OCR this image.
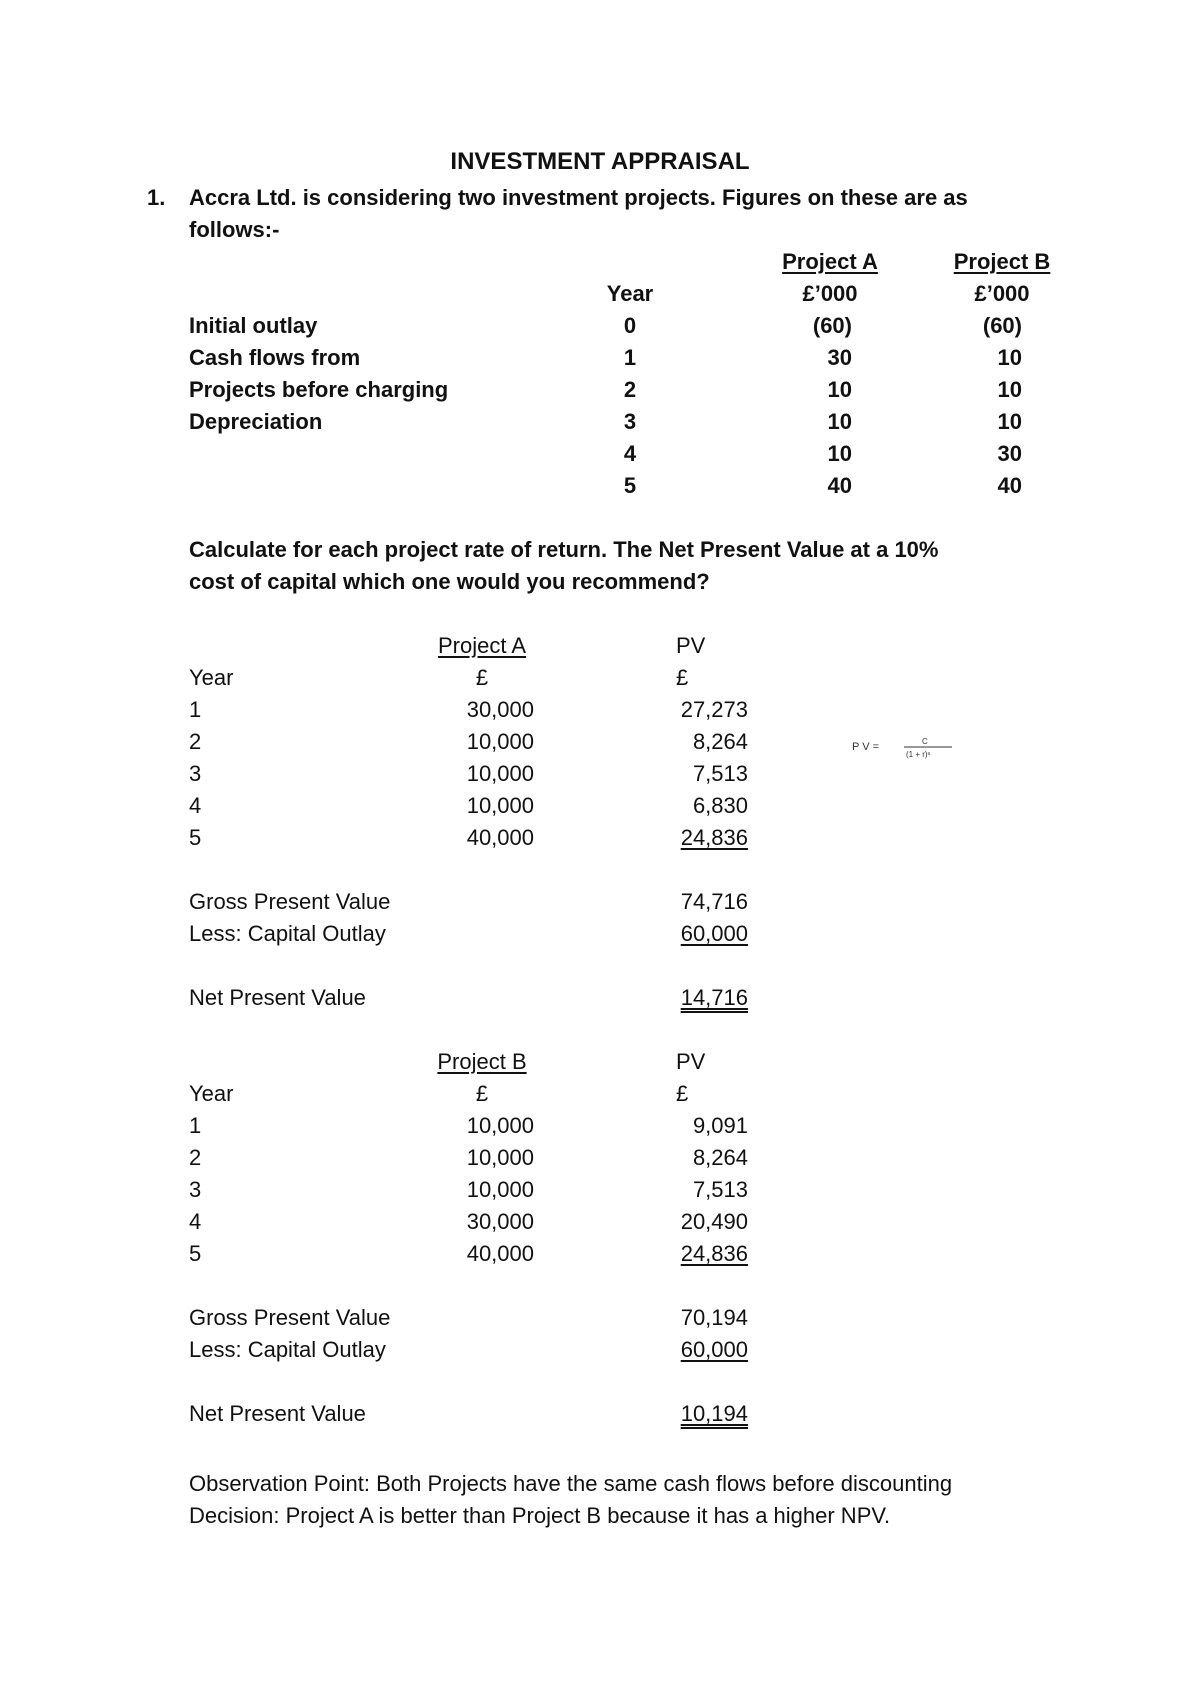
INVESTMENT APPRAISAL
1. Accra Ltd. is considering two investment projects. Figures on these are as
follows:-
Project A	Project B
Year	£’000	£’000
Initial outlay	0	(60)	(60)
Cash flows from	1	30	10
Projects before charging	2	10	10
Depreciation	3	10	10
4	10	30
5	40	40
Calculate for each project rate of return. The Net Present Value at a 10%
cost of capital which one would you recommend?
P V =	C
(1 + r)ⁿ
Project A	PV
Year	£	£
1	30,000	27,273
2	10,000	8,264
3	10,000	7,513
4	10,000	6,830
5	40,000	24,836
Gross Present Value	74,716
Less: Capital Outlay	60,000
Net Present Value	14,716
Project B	PV
Year	£	£
1	10,000	9,091
2	10,000	8,264
3	10,000	7,513
4	30,000	20,490
5	40,000	24,836
Gross Present Value	70,194
Less: Capital Outlay	60,000
Net Present Value	10,194
Observation Point: Both Projects have the same cash flows before discounting
Decision: Project A is better than Project B because it has a higher NPV.
